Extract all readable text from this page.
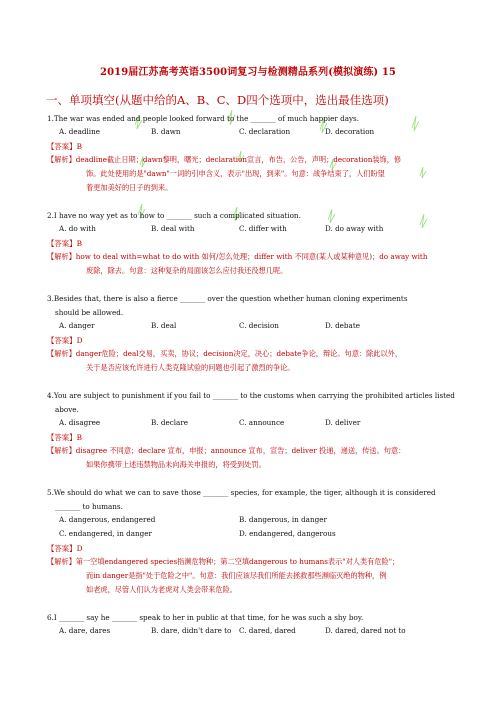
2019届江苏高考英语3500词复习与检测精品系列(模拟演练) 15
一、单项填空(从题中给的A、B、C、D四个选项中，选出最佳选项)
1.The war was ended and people looked forward to the _______ of much happier days.
A. deadline	B. dawn	C. declaration	D. decoration
【答案】B
【解析】deadline截止日期；dawn黎明，曙光；declaration宣言，布告，公告，声明；decoration装饰，修
饰。此处使用的是"dawn"一词的引申含义，表示"出现，到来"。句意：战争结束了，人们盼望
着更加美好的日子的到来。
2.I have no way yet as to how to _______ such a complicated situation.
A. do with	B. deal with	C. differ with	D. do away with
【答案】B
【解析】how to deal with=what to do with 如何/怎么处理；differ with 不同意(某人或某种意见)；do away with
废除，除去。句意：这种复杂的局面该怎么应付我还没想几呢。
3.Besides that, there is also a fierce _______ over the question whether human cloning experiments
should be allowed.
A. danger	B. deal	C. decision	D. debate
【答案】D
【解析】danger危险；deal交易，买卖，协议；decision决定，决心；debate争论，辩论。句意：除此以外，
关于是否应该允许进行人类克隆试验的问题也引起了激烈的争论。
4.You are subject to punishment if you fail to _______ to the customs when carrying the prohibited articles listed
above.
A. disagree	B. declare	C. announce	D. deliver
【答案】B
【解析】disagree 不同意；declare 宣布，申报；announce 宣布，宣告；deliver 投递，递送，传送。句意：
如果你携带上述违禁物品未向海关申报的，将受到处罚。
5.We should do what we can to save those _______ species, for example, the tiger, although it is considered
_______ to humans.
A. dangerous, endangered	B. dangerous, in danger
C. endangered, in danger	D. endangered, dangerous
【答案】D
【解析】第一空填endangered species指濒危物种；第二空填dangerous to humans表示"对人类有危险"；
而in danger是指"处于危险之中"。句意：我们应该尽我们所能去拯救那些濒临灭绝的物种，例
如老虎，尽管人们认为老虎对人类会带来危险。
6.I _______ say he _______ speak to her in public at that time, for he was such a shy boy.
A. dare, dares	B. dare, didn't dare to C. dared, dared	D. dared, dared not to
